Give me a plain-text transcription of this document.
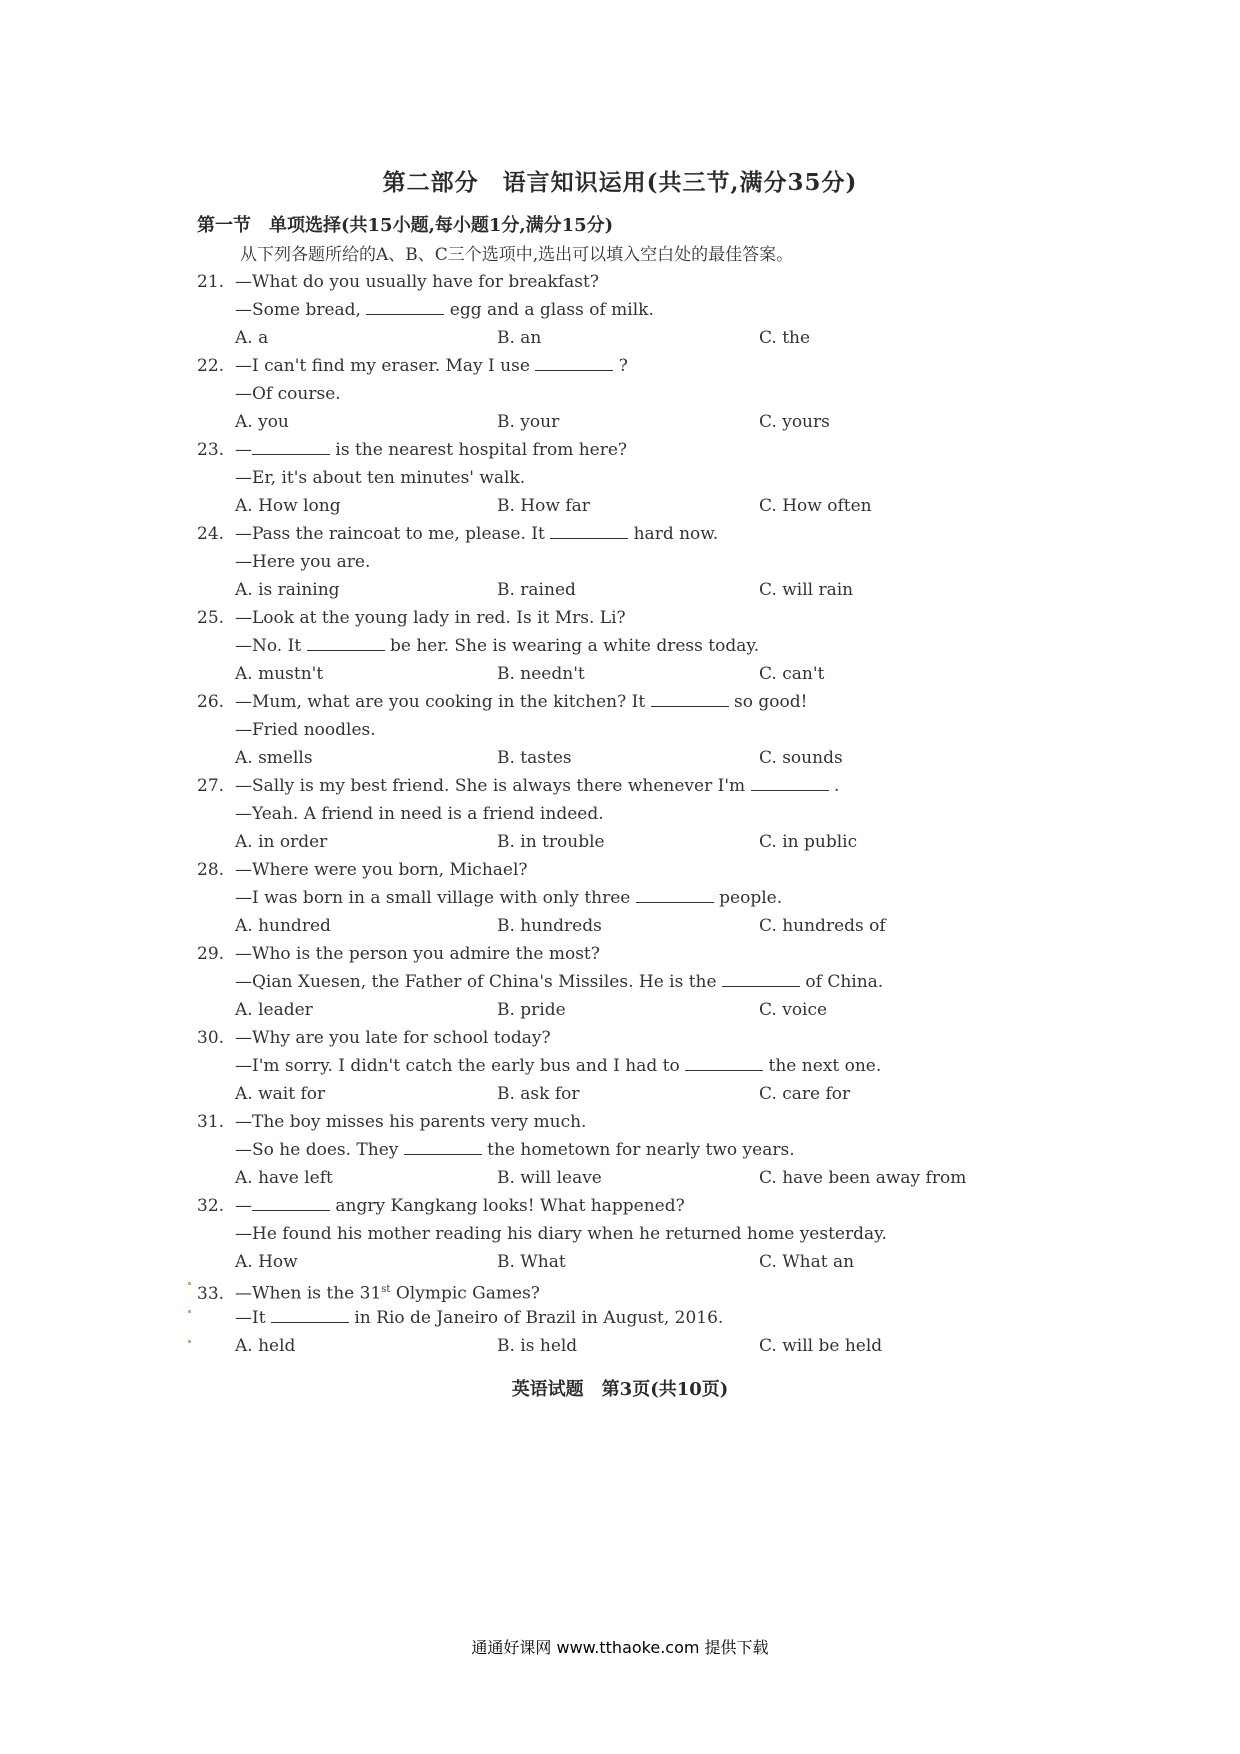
第二部分　语言知识运用(共三节,满分35分)
第一节　单项选择(共15小题,每小题1分,满分15分)
从下列各题所给的A、B、C三个选项中,选出可以填入空白处的最佳答案。
21. —What do you usually have for breakfast?
—Some bread,	egg and a glass of milk.
A. a	B. an	C. the
22. —I can't find my eraser. May I use	?
—Of course.
A. you	B. your	C. yours
23. —	is the nearest hospital from here?
—Er, it's about ten minutes' walk.
A. How long	B. How far	C. How often
24. —Pass the raincoat to me, please. It	hard now.
—Here you are.
A. is raining	B. rained	C. will rain
25. —Look at the young lady in red. Is it Mrs. Li?
—No. It	be her. She is wearing a white dress today.
A. mustn't	B. needn't	C. can't
26. —Mum, what are you cooking in the kitchen? It	so good!
—Fried noodles.
A. smells	B. tastes	C. sounds
27. —Sally is my best friend. She is always there whenever I'm	.
—Yeah. A friend in need is a friend indeed.
A. in order	B. in trouble	C. in public
28. —Where were you born, Michael?
—I was born in a small village with only three	people.
A. hundred	B. hundreds	C. hundreds of
29. —Who is the person you admire the most?
—Qian Xuesen, the Father of China's Missiles. He is the	of China.
A. leader	B. pride	C. voice
30. —Why are you late for school today?
—I'm sorry. I didn't catch the early bus and I had to	the next one.
A. wait for	B. ask for	C. care for
31. —The boy misses his parents very much.
—So he does. They	the hometown for nearly two years.
A. have left	B. will leave	C. have been away from
32. —	angry Kangkang looks! What happened?
—He found his mother reading his diary when he returned home yesterday.
A. How	B. What	C. What an
33. —When is the 31st Olympic Games?
—It	in Rio de Janeiro of Brazil in August, 2016.
A. held	B. is held	C. will be held
英语试题　第3页(共10页)
通通好课网 www.tthaoke.com 提供下载
